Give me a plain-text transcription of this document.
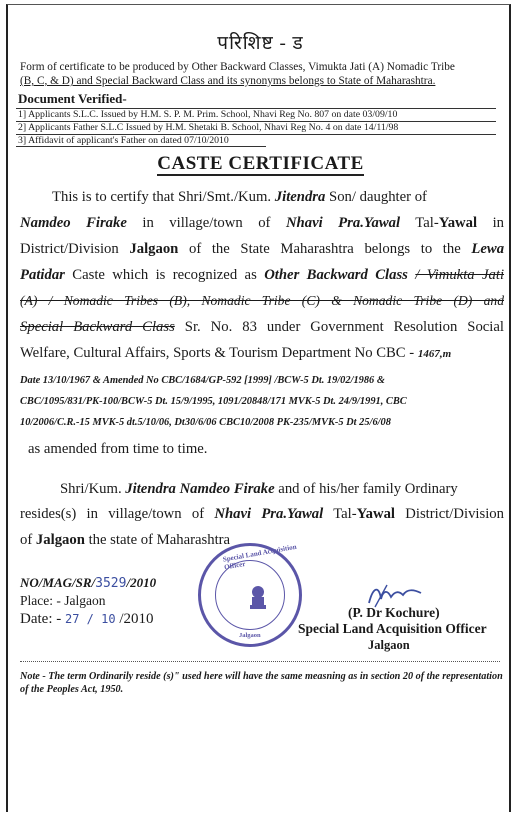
परिशिष्ट - ड
Form of certificate to be produced by Other Backward Classes, Vimukta Jati (A) Nomadic Tribe
(B, C, & D) and Special Backward Class and its synonyms belongs to State of Maharashtra.
Document Verified-
1] Applicants S.L.C. Issued by H.M. S. P. M. Prim. School, Nhavi Reg No. 807 on date 03/09/10
2] Applicants Father S.L.C Issued by H.M. Shetaki B. School, Nhavi Reg No. 4 on date 14/11/98
3] Affidavit of applicant's Father on dated 07/10/2010
CASTE CERTIFICATE
This is to certify that Shri/Smt./Kum. Jitendra Son/ daughter of
Namdeo Firake in village/town of Nhavi Pra.Yawal Tal-Yawal in
District/Division Jalgaon of the State Maharashtra belongs to the Lewa
Patidar Caste which is recognized as Other Backward Class / Vimukta Jati
(A) / Nomadic Tribes (B), Nomadic Tribe (C) & Nomadic Tribe (D) and
Special Backward Class Sr. No. 83 under Government Resolution Social
Welfare, Cultural Affairs, Sports & Tourism Department No CBC - 1467,m
Date 13/10/1967 & Amended No CBC/1684/GP-592 [1999] /BCW-5 Dt. 19/02/1986 &
CBC/1095/831/PK-100/BCW-5 Dt. 15/9/1995, 1091/20848/171 MVK-5 Dt. 24/9/1991, CBC
10/2006/C.R.-15 MVK-5 dt.5/10/06, Dt30/6/06 CBC10/2008 PK-235/MVK-5 Dt 25/6/08
as amended from time to time.
Shri/Kum. Jitendra Namdeo Firake and of his/her family Ordinary
resides(s) in village/town of Nhavi Pra.Yawal Tal-Yawal District/Division
of Jalgaon the state of Maharashtra
NO/MAG/SR/3529/2010
Place: - Jalgaon
Date: - 27 / 10 /2010
Special Land Acquisition Officer
Jalgaon
(P. Dr Kochure)
Special Land Acquisition Officer
Jalgaon
Note - The term Ordinarily reside (s)" used here will have the same measning as in section 20 of the representation of the Peoples Act, 1950.
